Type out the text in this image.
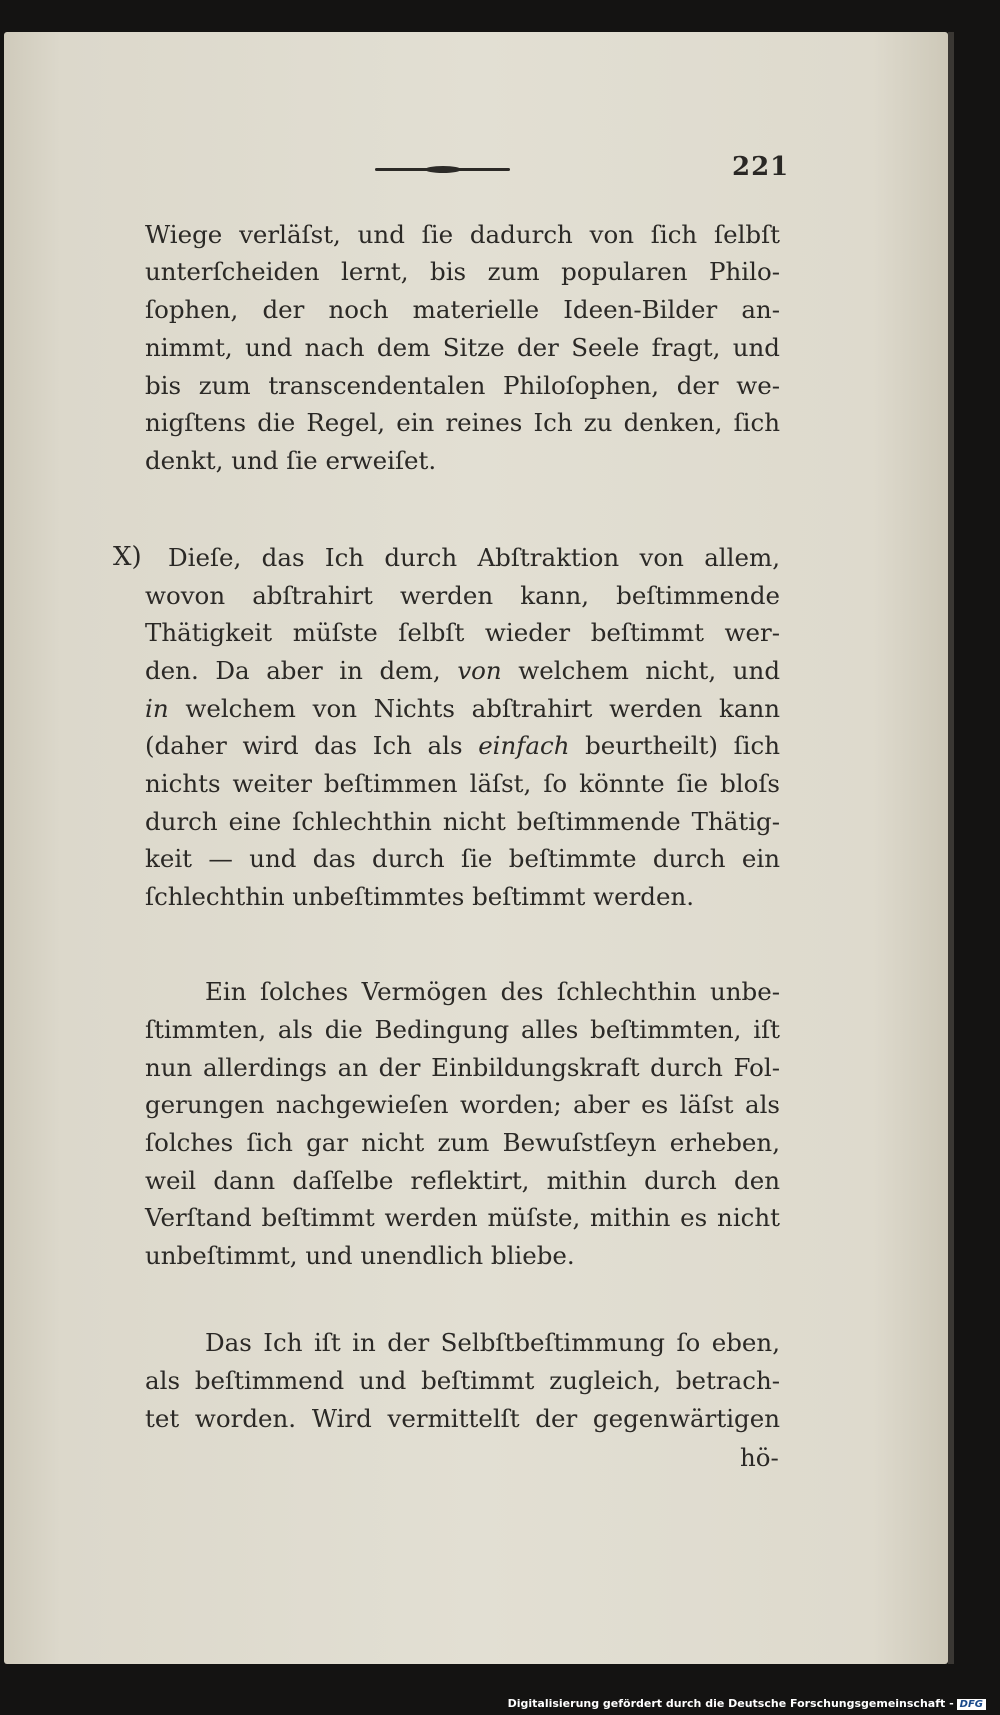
221
Wiege verläſst, und ſie dadurch von ſich ſelbſt
unterſcheiden lernt, bis zum popularen Philo-
ſophen, der noch materielle Ideen-Bilder an-
nimmt, und nach dem Sitze der Seele fragt, und
bis zum transcendentalen Philoſophen, der we-
nigſtens die Regel, ein reines Ich zu denken, ſich
denkt, und ſie erweiſet.
X) Dieſe, das Ich durch Abſtraktion von allem,
wovon abſtrahirt werden kann, beſtimmende
Thätigkeit müſste ſelbſt wieder beſtimmt wer-
den. Da aber in dem, von welchem nicht, und
in welchem von Nichts abſtrahirt werden kann
(daher wird das Ich als einfach beurtheilt) ſich
nichts weiter beſtimmen läſst, ſo könnte ſie bloſs
durch eine ſchlechthin nicht beſtimmende Thätig-
keit — und das durch ſie beſtimmte durch ein
ſchlechthin unbeſtimmtes beſtimmt werden.
Ein ſolches Vermögen des ſchlechthin unbe-
ſtimmten, als die Bedingung alles beſtimmten, iſt
nun allerdings an der Einbildungskraft durch Fol-
gerungen nachgewieſen worden; aber es läſst als
ſolches ſich gar nicht zum Bewuſstſeyn erheben,
weil dann daſſelbe reflektirt, mithin durch den
Verſtand beſtimmt werden müſste, mithin es nicht
unbeſtimmt, und unendlich bliebe.
Das Ich iſt in der Selbſtbeſtimmung ſo eben,
als beſtimmend und beſtimmt zugleich, betrach-
tet worden. Wird vermittelſt der gegenwärtigen
hö-
Digitalisierung gefördert durch die Deutsche Forschungsgemeinschaft - DFG
